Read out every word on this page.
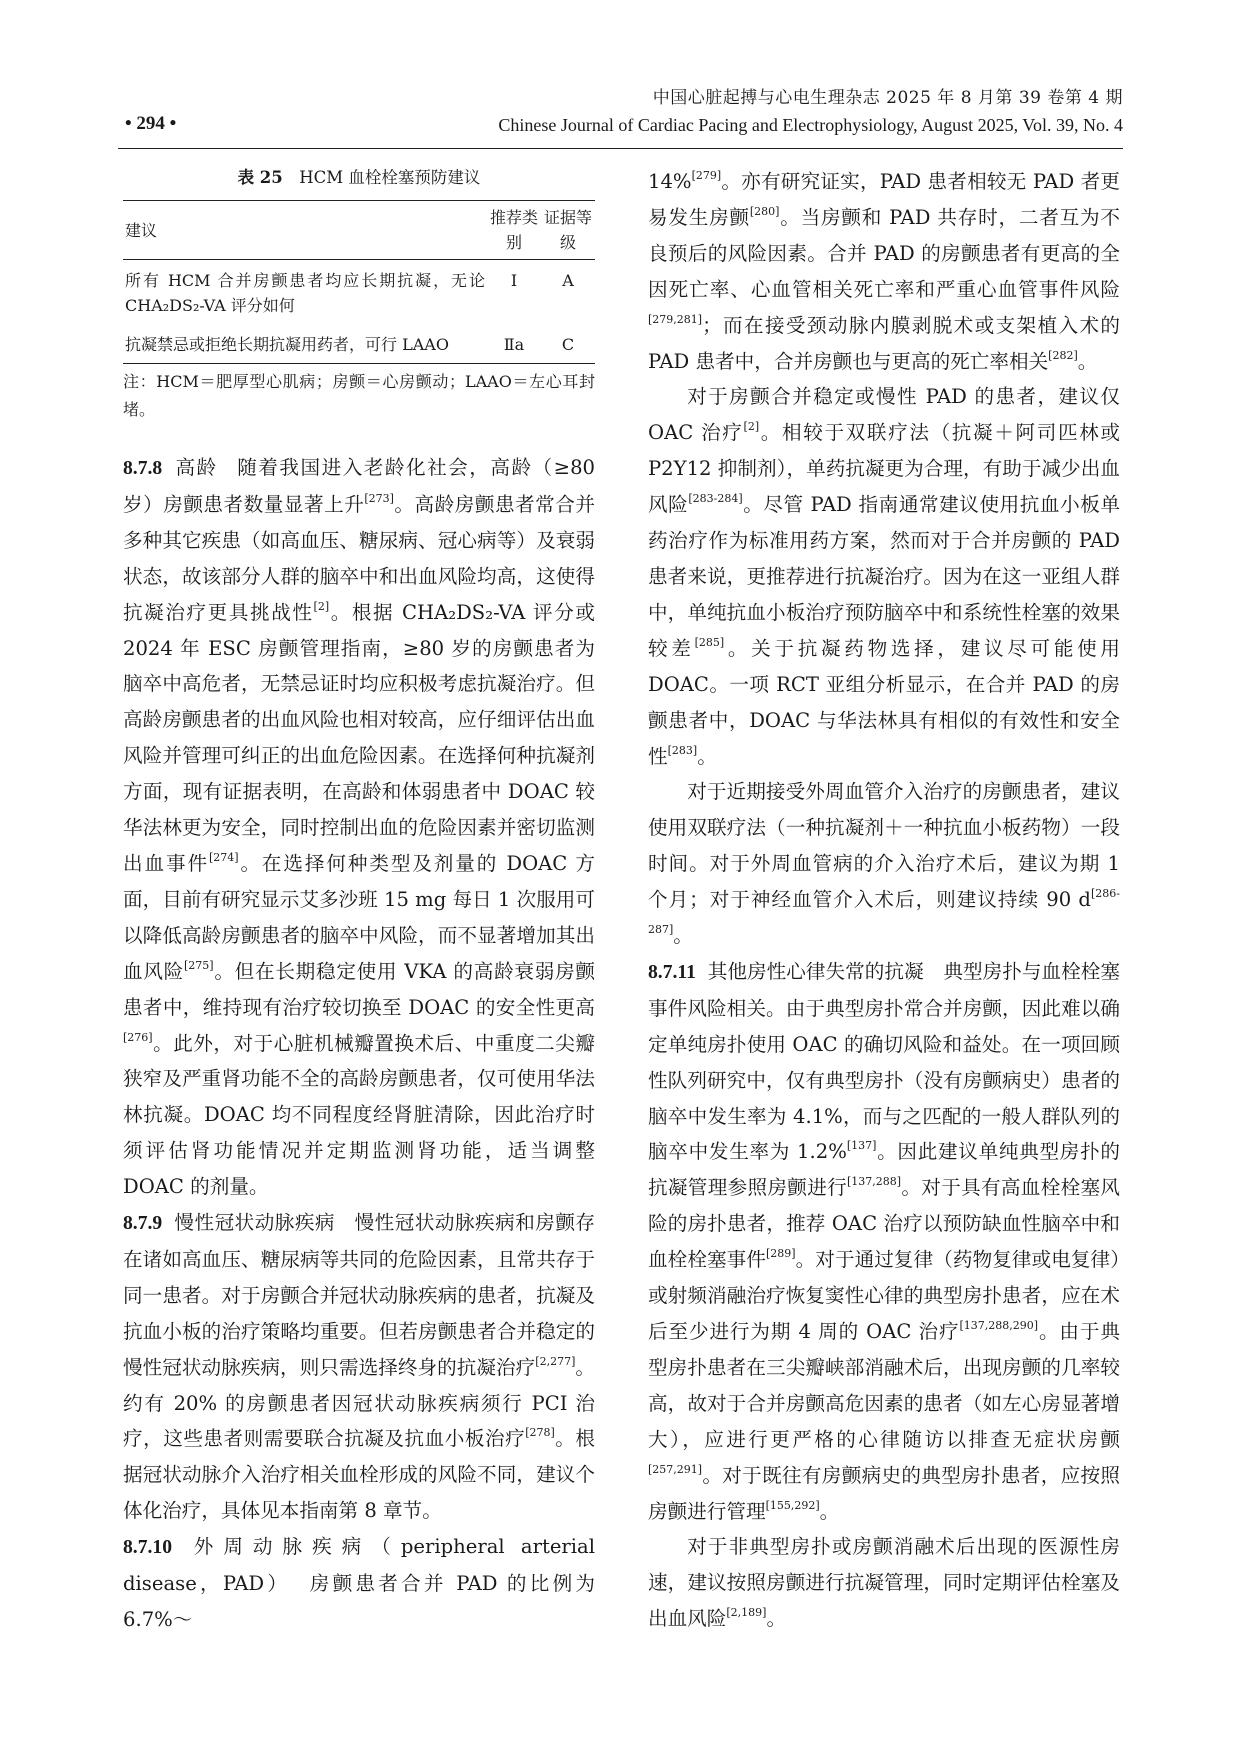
中国心脏起搏与心电生理杂志 2025 年 8 月第 39 卷第 4 期
• 294 •	Chinese Journal of Cardiac Pacing and Electrophysiology, August 2025, Vol. 39, No. 4
表 25 HCM 血栓栓塞预防建议
建议	推荐类别	证据等级
所有 HCM 合并房颤患者均应长期抗凝，无论 CHA₂DS₂-VA 评分如何	Ⅰ	A
抗凝禁忌或拒绝长期抗凝用药者，可行 LAAO	Ⅱa	C
注：HCM＝肥厚型心肌病；房颤＝心房颤动；LAAO＝左心耳封堵。

8.7.8 高龄 随着我国进入老龄化社会，高龄（≥80 岁）房颤患者数量显著上升[273]。高龄房颤患者常合并多种其它疾患（如高血压、糖尿病、冠心病等）及衰弱状态，故该部分人群的脑卒中和出血风险均高，这使得抗凝治疗更具挑战性[2]。根据 CHA₂DS₂-VA 评分或 2024 年 ESC 房颤管理指南，≥80 岁的房颤患者为脑卒中高危者，无禁忌证时均应积极考虑抗凝治疗。但高龄房颤患者的出血风险也相对较高，应仔细评估出血风险并管理可纠正的出血危险因素。在选择何种抗凝剂方面，现有证据表明，在高龄和体弱患者中 DOAC 较华法林更为安全，同时控制出血的危险因素并密切监测出血事件[274]。在选择何种类型及剂量的 DOAC 方面，目前有研究显示艾多沙班 15 mg 每日 1 次服用可以降低高龄房颤患者的脑卒中风险，而不显著增加其出血风险[275]。但在长期稳定使用 VKA 的高龄衰弱房颤患者中，维持现有治疗较切换至 DOAC 的安全性更高[276]。此外，对于心脏机械瓣置换术后、中重度二尖瓣狭窄及严重肾功能不全的高龄房颤患者，仅可使用华法林抗凝。DOAC 均不同程度经肾脏清除，因此治疗时须评估肾功能情况并定期监测肾功能，适当调整 DOAC 的剂量。

8.7.9 慢性冠状动脉疾病 慢性冠状动脉疾病和房颤存在诸如高血压、糖尿病等共同的危险因素，且常共存于同一患者。对于房颤合并冠状动脉疾病的患者，抗凝及抗血小板的治疗策略均重要。但若房颤患者合并稳定的慢性冠状动脉疾病，则只需选择终身的抗凝治疗[2,277]。约有 20% 的房颤患者因冠状动脉疾病须行 PCI 治疗，这些患者则需要联合抗凝及抗血小板治疗[278]。根据冠状动脉介入治疗相关血栓形成的风险不同，建议个体化治疗，具体见本指南第 8 章节。

8.7.10 外周动脉疾病（peripheral arterial disease，PAD） 房颤患者合并 PAD 的比例为 6.7%～

14%[279]。亦有研究证实，PAD 患者相较无 PAD 者更易发生房颤[280]。当房颤和 PAD 共存时，二者互为不良预后的风险因素。合并 PAD 的房颤患者有更高的全因死亡率、心血管相关死亡率和严重心血管事件风险[279,281]；而在接受颈动脉内膜剥脱术或支架植入术的 PAD 患者中，合并房颤也与更高的死亡率相关[282]。

对于房颤合并稳定或慢性 PAD 的患者，建议仅 OAC 治疗[2]。相较于双联疗法（抗凝＋阿司匹林或 P2Y12 抑制剂），单药抗凝更为合理，有助于减少出血风险[283-284]。尽管 PAD 指南通常建议使用抗血小板单药治疗作为标准用药方案，然而对于合并房颤的 PAD 患者来说，更推荐进行抗凝治疗。因为在这一亚组人群中，单纯抗血小板治疗预防脑卒中和系统性栓塞的效果较差[285]。关于抗凝药物选择，建议尽可能使用 DOAC。一项 RCT 亚组分析显示，在合并 PAD 的房颤患者中，DOAC 与华法林具有相似的有效性和安全性[283]。

对于近期接受外周血管介入治疗的房颤患者，建议使用双联疗法（一种抗凝剂＋一种抗血小板药物）一段时间。对于外周血管病的介入治疗术后，建议为期 1 个月；对于神经血管介入术后，则建议持续 90 d[286-287]。

8.7.11 其他房性心律失常的抗凝 典型房扑与血栓栓塞事件风险相关。由于典型房扑常合并房颤，因此难以确定单纯房扑使用 OAC 的确切风险和益处。在一项回顾性队列研究中，仅有典型房扑（没有房颤病史）患者的脑卒中发生率为 4.1%，而与之匹配的一般人群队列的脑卒中发生率为 1.2%[137]。因此建议单纯典型房扑的抗凝管理参照房颤进行[137,288]。对于具有高血栓栓塞风险的房扑患者，推荐 OAC 治疗以预防缺血性脑卒中和血栓栓塞事件[289]。对于通过复律（药物复律或电复律）或射频消融治疗恢复窦性心律的典型房扑患者，应在术后至少进行为期 4 周的 OAC 治疗[137,288,290]。由于典型房扑患者在三尖瓣峡部消融术后，出现房颤的几率较高，故对于合并房颤高危因素的患者（如左心房显著增大），应进行更严格的心律随访以排查无症状房颤[257,291]。对于既往有房颤病史的典型房扑患者，应按照房颤进行管理[155,292]。

对于非典型房扑或房颤消融术后出现的医源性房速，建议按照房颤进行抗凝管理，同时定期评估栓塞及出血风险[2,189]。
